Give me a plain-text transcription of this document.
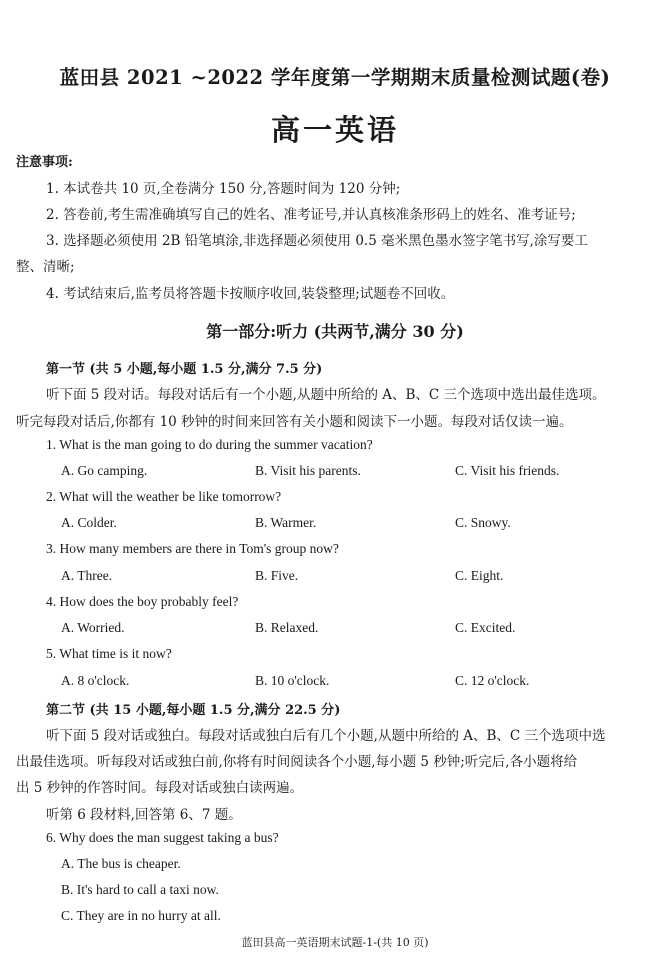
蓝田县 2021 ~2022 学年度第一学期期末质量检测试题(卷)
高一英语
注意事项:
1. 本试卷共 10 页,全卷满分 150 分,答题时间为 120 分钟;
2. 答卷前,考生需准确填写自己的姓名、准考证号,并认真核准条形码上的姓名、准考证号;
3. 选择题必须使用 2B 铅笔填涂,非选择题必须使用 0.5 毫米黑色墨水签字笔书写,涂写要工
整、清晰;
4. 考试结束后,监考员将答题卡按顺序收回,装袋整理;试题卷不回收。
第一部分:听力 (共两节,满分 30 分)
第一节 (共 5 小题,每小题 1.5 分,满分 7.5 分)
听下面 5 段对话。每段对话后有一个小题,从题中所给的 A、B、C 三个选项中选出最佳选项。
听完每段对话后,你都有 10 秒钟的时间来回答有关小题和阅读下一小题。每段对话仅读一遍。
1. What is the man going to do during the summer vacation?
A. Go camping.	B. Visit his parents.	C. Visit his friends.
2. What will the weather be like tomorrow?
A. Colder.	B. Warmer.	C. Snowy.
3. How many members are there in Tom's group now?
A. Three.	B. Five.	C. Eight.
4. How does the boy probably feel?
A. Worried.	B. Relaxed.	C. Excited.
5. What time is it now?
A. 8 o'clock.	B. 10 o'clock.	C. 12 o'clock.
第二节 (共 15 小题,每小题 1.5 分,满分 22.5 分)
听下面 5 段对话或独白。每段对话或独白后有几个小题,从题中所给的 A、B、C 三个选项中选
出最佳选项。听每段对话或独白前,你将有时间阅读各个小题,每小题 5 秒钟;听完后,各小题将给
出 5 秒钟的作答时间。每段对话或独白读两遍。
听第 6 段材料,回答第 6、7 题。
6. Why does the man suggest taking a bus?
A. The bus is cheaper.
B. It's hard to call a taxi now.
C. They are in no hurry at all.
蓝田县高一英语期末试题-1-(共 10 页)
